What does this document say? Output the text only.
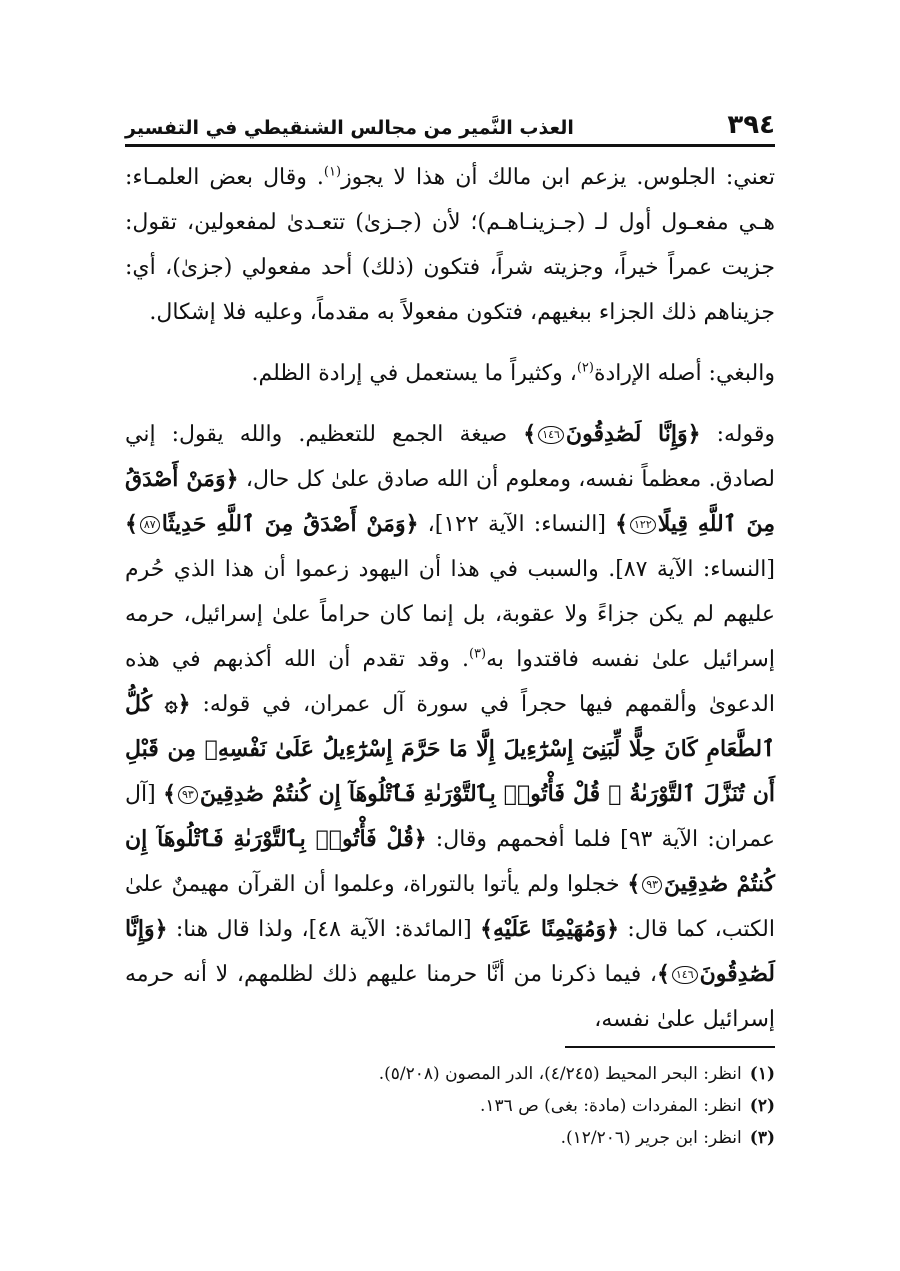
٣٩٤
العذب النَّمير من مجالس الشنقيطي في التفسير

تعني: الجلوس. يزعم ابن مالك أن هذا لا يجوز$^{(١)}$. وقال بعض العلمـاء: هـي مفعـول أول لـ (جـزينـاهـم)؛ لأن (جـزىٰ) تتعـدىٰ لمفعولين، تقول: جزيت عمراً خيراً، وجزيته شراً، فتكون (ذلك) أحد مفعولي (جزىٰ)، أي: جزيناهم ذلك الجزاء ببغيهم، فتكون مفعولاً به مقدماً، وعليه فلا إشكال.

والبغي: أصله الإرادة$^{(٢)}$، وكثيراً ما يستعمل في إرادة الظلم.

وقوله: ﴿وَإِنَّا لَصَٰدِقُونَ١٤٦﴾ صيغة الجمع للتعظيم. والله يقول: إني لصادق. معظماً نفسه، ومعلوم أن الله صادق علىٰ كل حال، ﴿وَمَنْ أَصْدَقُ مِنَ ٱللَّهِ قِيلًا١٢٢﴾ [النساء: الآية ١٢٢]، ﴿وَمَنْ أَصْدَقُ مِنَ ٱللَّهِ حَدِيثًا٨٧﴾ [النساء: الآية ٨٧]. والسبب في هذا أن اليهود زعموا أن هذا الذي حُرم عليهم لم يكن جزاءً ولا عقوبة، بل إنما كان حراماً علىٰ إسرائيل، حرمه إسرائيل علىٰ نفسه فاقتدوا به$^{(٣)}$. وقد تقدم أن الله أكذبهم في هذه الدعوىٰ وألقمهم فيها حجراً في سورة آل عمران، في قوله: ﴿۞ كُلُّ ٱلطَّعَامِ كَانَ حِلًّا لِّبَنِىٓ إِسْرَٰٓءِيلَ إِلَّا مَا حَرَّمَ إِسْرَٰٓءِيلُ عَلَىٰ نَفْسِهِۦ مِن قَبْلِ أَن تُنَزَّلَ ٱلتَّوْرَىٰةُ ۗ قُلْ فَأْتُوا۟ بِٱلتَّوْرَىٰةِ فَٱتْلُوهَآ إِن كُنتُمْ صَٰدِقِينَ٩٣﴾ [آل عمران: الآية ٩٣] فلما أفحمهم وقال: ﴿قُلْ فَأْتُوا۟ بِٱلتَّوْرَىٰةِ فَٱتْلُوهَآ إِن كُنتُمْ صَٰدِقِينَ٩٣﴾ خجلوا ولم يأتوا بالتوراة، وعلموا أن القرآن مهيمنٌ علىٰ الكتب، كما قال: ﴿وَمُهَيْمِنًا عَلَيْهِ﴾ [المائدة: الآية ٤٨]، ولذا قال هنا: ﴿وَإِنَّا لَصَٰدِقُونَ١٤٦﴾، فيما ذكرنا من أنَّا حرمنا عليهم ذلك لظلمهم، لا أنه حرمه إسرائيل علىٰ نفسه،

(١)انظر: البحر المحيط (٤/٢٤٥)، الدر المصون (٥/٢٠٨).
(٢)انظر: المفردات (مادة: بغى) ص ١٣٦.
(٣)انظر: ابن جرير (١٢/٢٠٦).
